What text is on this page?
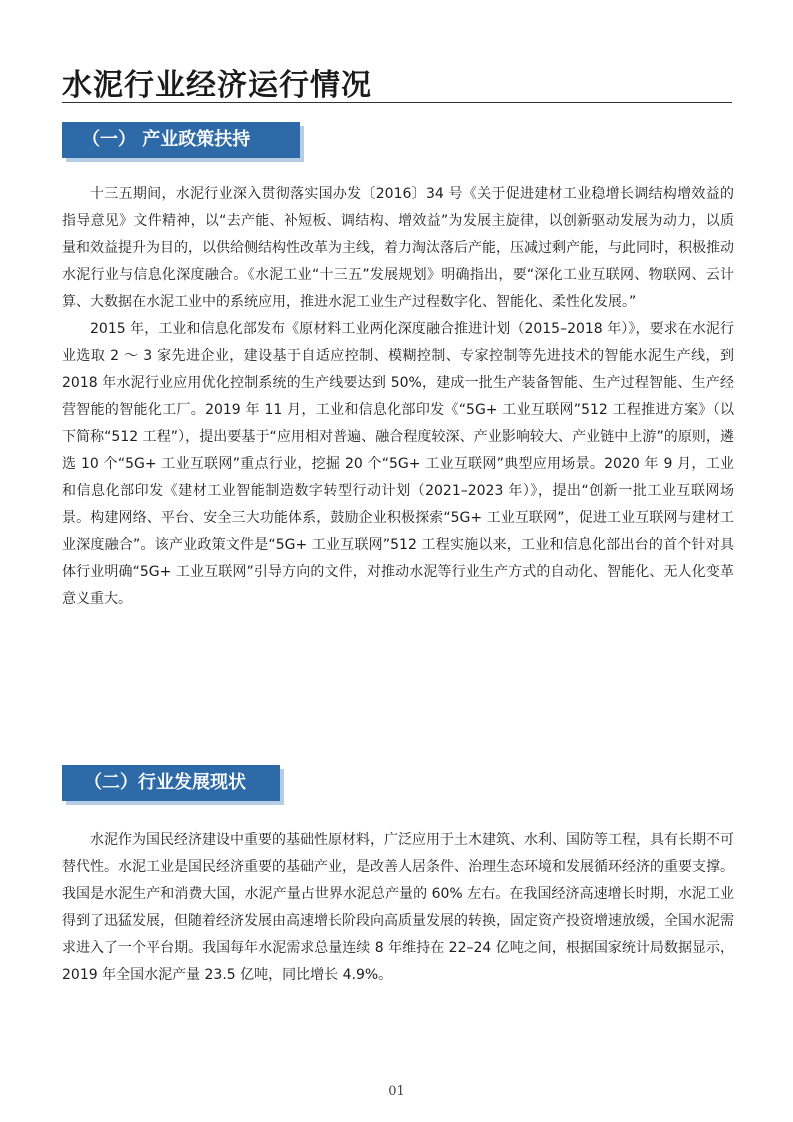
水泥行业经济运行情况
（一） 产业政策扶持

十三五期间，水泥行业深入贯彻落实国办发〔2016〕34 号《关于促进建材工业稳增长调结构增效益的指导意见》文件精神，以“去产能、补短板、调结构、增效益”为发展主旋律，以创新驱动发展为动力，以质量和效益提升为目的，以供给侧结构性改革为主线，着力淘汰落后产能，压减过剩产能，与此同时，积极推动水泥行业与信息化深度融合。《水泥工业“十三五”发展规划》明确指出，要“深化工业互联网、物联网、云计算、大数据在水泥工业中的系统应用，推进水泥工业生产过程数字化、智能化、柔性化发展。”

2015 年，工业和信息化部发布《原材料工业两化深度融合推进计划（2015–2018 年）》，要求在水泥行业选取 2 ～ 3 家先进企业，建设基于自适应控制、模糊控制、专家控制等先进技术的智能水泥生产线，到 2018 年水泥行业应用优化控制系统的生产线要达到 50%，建成一批生产装备智能、生产过程智能、生产经营智能的智能化工厂。2019 年 11 月，工业和信息化部印发《“5G+ 工业互联网”512 工程推进方案》（以下简称“512 工程”），提出要基于“应用相对普遍、融合程度较深、产业影响较大、产业链中上游”的原则，遴选 10 个“5G+ 工业互联网”重点行业，挖掘 20 个“5G+ 工业互联网”典型应用场景。2020 年 9 月，工业和信息化部印发《建材工业智能制造数字转型行动计划（2021–2023 年）》，提出“创新一批工业互联网场景。构建网络、平台、安全三大功能体系，鼓励企业积极探索“5G+ 工业互联网”，促进工业互联网与建材工业深度融合”。该产业政策文件是“5G+ 工业互联网”512 工程实施以来，工业和信息化部出台的首个针对具体行业明确“5G+ 工业互联网”引导方向的文件，对推动水泥等行业生产方式的自动化、智能化、无人化变革意义重大。

（二）行业发展现状

水泥作为国民经济建设中重要的基础性原材料，广泛应用于土木建筑、水利、国防等工程，具有长期不可替代性。水泥工业是国民经济重要的基础产业，是改善人居条件、治理生态环境和发展循环经济的重要支撑。我国是水泥生产和消费大国，水泥产量占世界水泥总产量的 60% 左右。在我国经济高速增长时期，水泥工业得到了迅猛发展，但随着经济发展由高速增长阶段向高质量发展的转换，固定资产投资增速放缓，全国水泥需求进入了一个平台期。我国每年水泥需求总量连续 8 年维持在 22–24 亿吨之间，根据国家统计局数据显示，2019 年全国水泥产量 23.5 亿吨，同比增长 4.9%。

01
